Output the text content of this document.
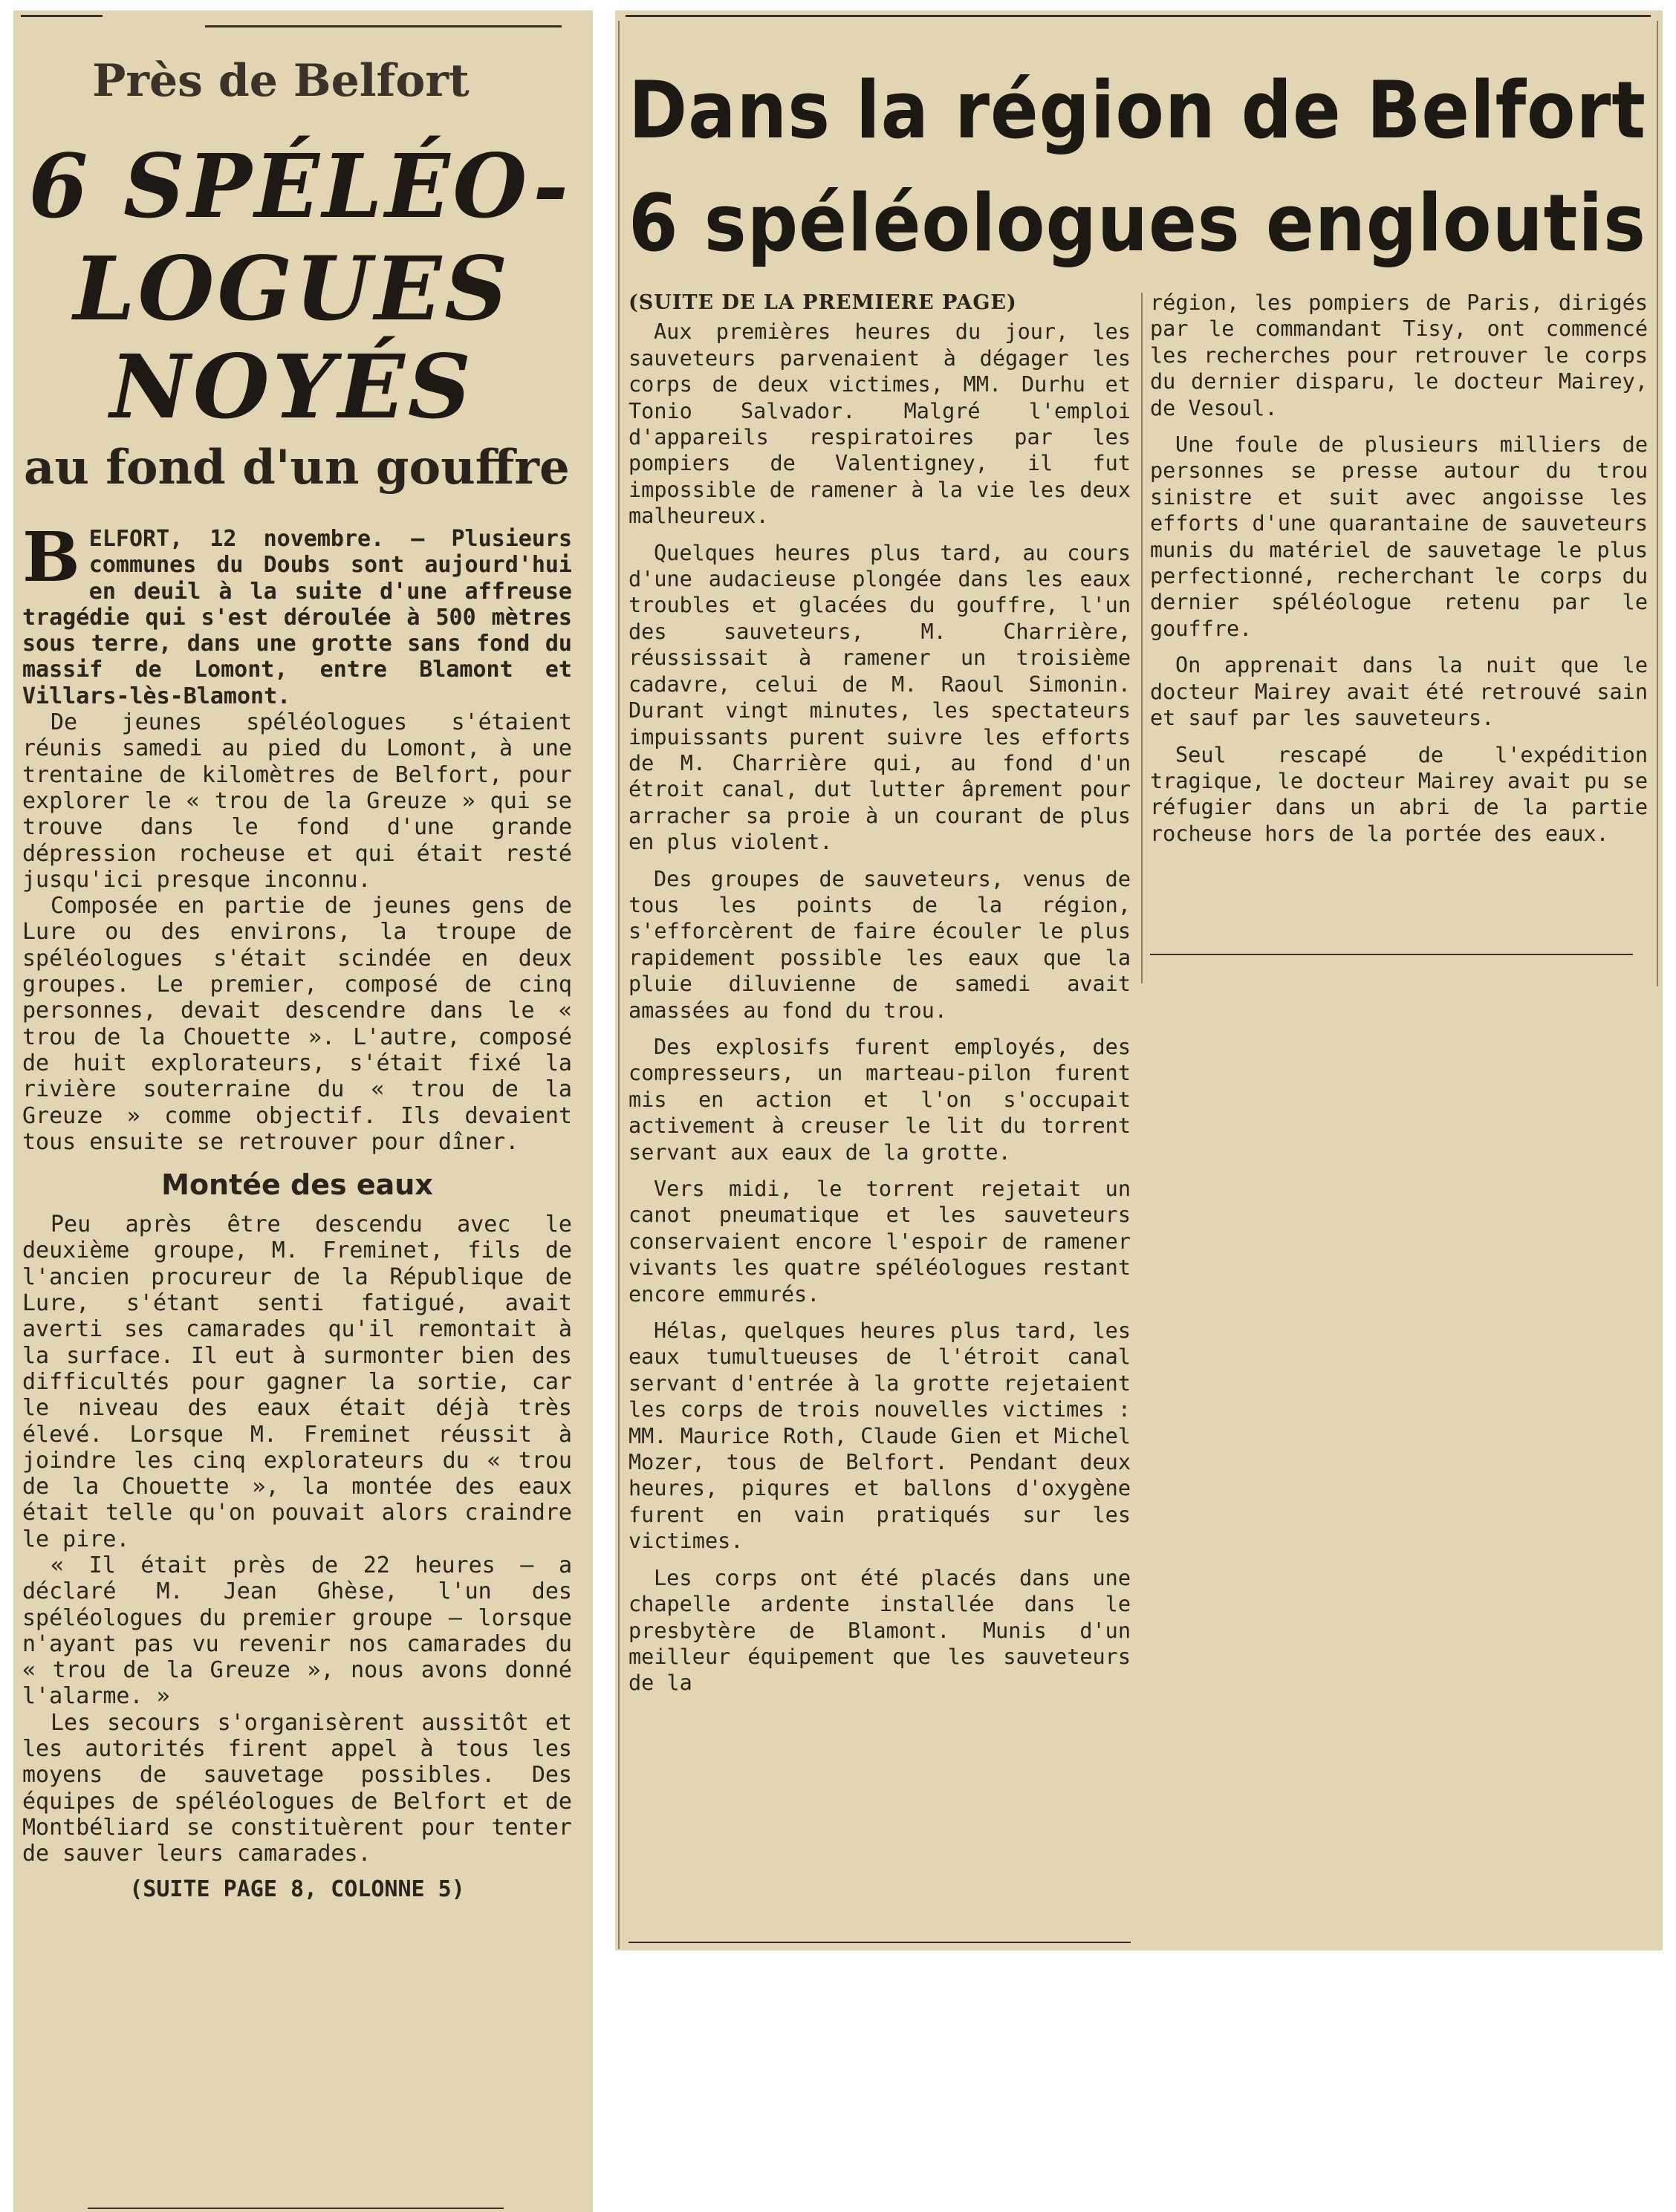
Près de Belfort
6 SPÉLÉO-
LOGUES
NOYÉS
au fond d'un gouffre

BELFORT, 12 novembre. — Plusieurs communes du Doubs sont aujourd'hui en deuil à la suite d'une affreuse tragédie qui s'est déroulée à 500 mètres sous terre, dans une grotte sans fond du massif de Lomont, entre Blamont et Villars-lès-Blamont.

De jeunes spéléologues s'étaient réunis samedi au pied du Lomont, à une trentaine de kilomètres de Belfort, pour explorer le « trou de la Greuze » qui se trouve dans le fond d'une grande dépression rocheuse et qui était resté jusqu'ici presque inconnu.

Composée en partie de jeunes gens de Lure ou des environs, la troupe de spéléologues s'était scindée en deux groupes. Le premier, composé de cinq personnes, devait descendre dans le « trou de la Chouette ». L'autre, composé de huit explorateurs, s'était fixé la rivière souterraine du « trou de la Greuze » comme objectif. Ils devaient tous ensuite se retrouver pour dîner.

Montée des eaux

Peu après être descendu avec le deuxième groupe, M. Freminet, fils de l'ancien procureur de la République de Lure, s'étant senti fatigué, avait averti ses camarades qu'il remontait à la surface. Il eut à surmonter bien des difficultés pour gagner la sortie, car le niveau des eaux était déjà très élevé. Lorsque M. Freminet réussit à joindre les cinq explorateurs du « trou de la Chouette », la montée des eaux était telle qu'on pouvait alors craindre le pire.

« Il était près de 22 heures — a déclaré M. Jean Ghèse, l'un des spéléologues du premier groupe — lorsque n'ayant pas vu revenir nos camarades du « trou de la Greuze », nous avons donné l'alarme. »

Les secours s'organisèrent aussitôt et les autorités firent appel à tous les moyens de sauvetage possibles. Des équipes de spéléologues de Belfort et de Montbéliard se constituèrent pour tenter de sauver leurs camarades.

(SUITE PAGE 8, COLONNE 5)

Dans la région de Belfort
6 spéléologues engloutis

(SUITE DE LA PREMIERE PAGE)

Aux premières heures du jour, les sauveteurs parvenaient à dégager les corps de deux victimes, MM. Durhu et Tonio Salvador. Malgré l'emploi d'appareils respiratoires par les pompiers de Valentigney, il fut impossible de ramener à la vie les deux malheureux.

Quelques heures plus tard, au cours d'une audacieuse plongée dans les eaux troubles et glacées du gouffre, l'un des sauveteurs, M. Charrière, réussissait à ramener un troisième cadavre, celui de M. Raoul Simonin. Durant vingt minutes, les spectateurs impuissants purent suivre les efforts de M. Charrière qui, au fond d'un étroit canal, dut lutter âprement pour arracher sa proie à un courant de plus en plus violent.

Des groupes de sauveteurs, venus de tous les points de la région, s'efforcèrent de faire écouler le plus rapidement possible les eaux que la pluie diluvienne de samedi avait amassées au fond du trou.

Des explosifs furent employés, des compresseurs, un marteau-pilon furent mis en action et l'on s'occupait activement à creuser le lit du torrent servant aux eaux de la grotte.

Vers midi, le torrent rejetait un canot pneumatique et les sauveteurs conservaient encore l'espoir de ramener vivants les quatre spéléologues restant encore emmurés.

Hélas, quelques heures plus tard, les eaux tumultueuses de l'étroit canal servant d'entrée à la grotte rejetaient les corps de trois nouvelles victimes : MM. Maurice Roth, Claude Gien et Michel Mozer, tous de Belfort. Pendant deux heures, piqures et ballons d'oxygène furent en vain pratiqués sur les victimes.

Les corps ont été placés dans une chapelle ardente installée dans le presbytère de Blamont. Munis d'un meilleur équipement que les sauveteurs de la

région, les pompiers de Paris, dirigés par le commandant Tisy, ont commencé les recherches pour retrouver le corps du dernier disparu, le docteur Mairey, de Vesoul.

Une foule de plusieurs milliers de personnes se presse autour du trou sinistre et suit avec angoisse les efforts d'une quarantaine de sauveteurs munis du matériel de sauvetage le plus perfectionné, recherchant le corps du dernier spéléologue retenu par le gouffre.

On apprenait dans la nuit que le docteur Mairey avait été retrouvé sain et sauf par les sauveteurs.

Seul rescapé de l'expédition tragique, le docteur Mairey avait pu se réfugier dans un abri de la partie rocheuse hors de la portée des eaux.
